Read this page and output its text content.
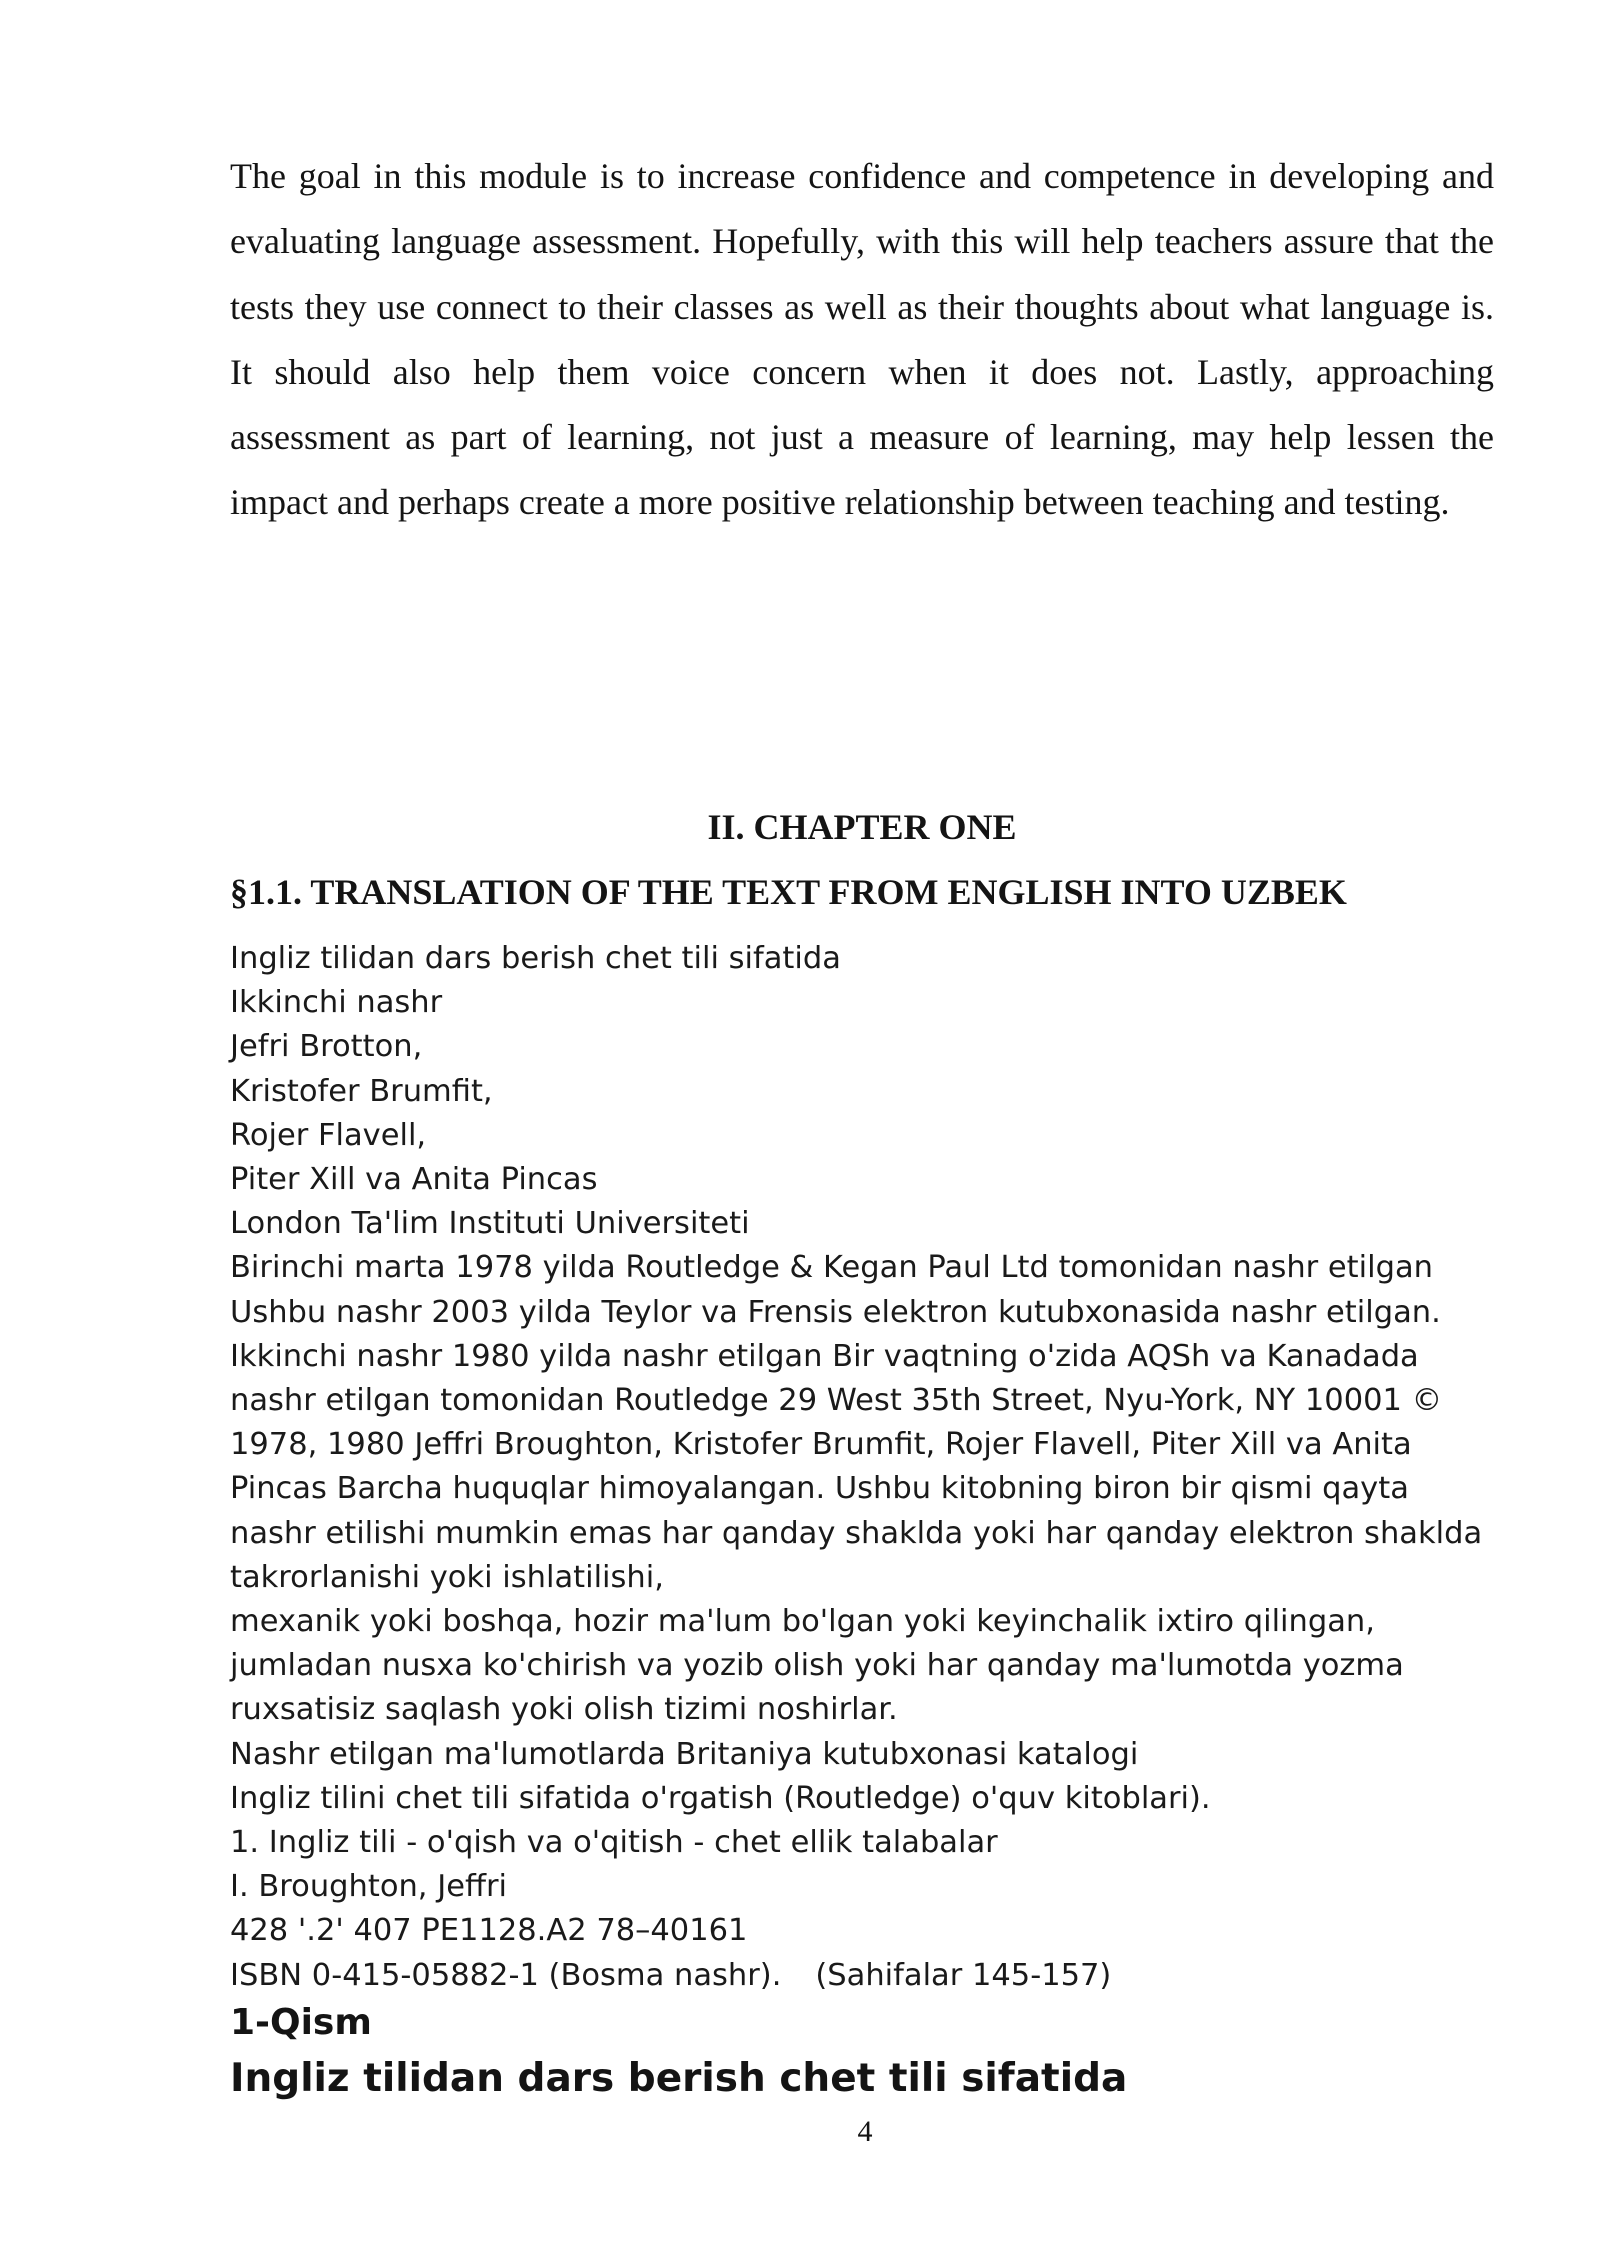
The goal in this module is to increase confidence and competence in developing and evaluating language assessment. Hopefully, with this will help teachers assure that the tests they use connect to their classes as well as their thoughts about what language is. It should also help them voice concern when it does not. Lastly, approaching assessment as part of learning, not just a measure of learning, may help lessen the impact and perhaps create a more positive relationship between teaching and testing.

II. CHAPTER ONE
§1.1. TRANSLATION OF THE TEXT FROM ENGLISH INTO UZBEK
Ingliz tilidan dars berish chet tili sifatida
Ikkinchi nashr
Jefri Brotton,
Kristofer Brumfit,
Rojer Flavell,
Piter Xill va Anita Pincas
London Ta'lim Instituti Universiteti
Birinchi marta 1978 yilda Routledge & Kegan Paul Ltd tomonidan nashr etilgan
Ushbu nashr 2003 yilda Teylor va Frensis elektron kutubxonasida nashr etilgan.
Ikkinchi nashr 1980 yilda nashr etilgan Bir vaqtning o'zida AQSh va Kanadada
nashr etilgan tomonidan Routledge 29 West 35th Street, Nyu-York, NY 10001 ©
1978, 1980 Jeffri Broughton, Kristofer Brumfit, Rojer Flavell, Piter Xill va Anita
Pincas Barcha huquqlar himoyalangan. Ushbu kitobning biron bir qismi qayta
nashr etilishi mumkin emas har qanday shaklda yoki har qanday elektron shaklda
takrorlanishi yoki ishlatilishi,
mexanik yoki boshqa, hozir ma'lum bo'lgan yoki keyinchalik ixtiro qilingan,
jumladan nusxa ko'chirish va yozib olish yoki har qanday ma'lumotda yozma
ruxsatisiz saqlash yoki olish tizimi noshirlar.
Nashr etilgan ma'lumotlarda Britaniya kutubxonasi katalogi
Ingliz tilini chet tili sifatida o'rgatish (Routledge) o'quv kitoblari).
1. Ingliz tili - o'qish va o'qitish - chet ellik talabalar
I. Broughton, Jeffri
428 '.2' 407 PE1128.A2 78–40161
ISBN 0-415-05882-1 (Bosma nashr). (Sahifalar 145-157)
1-Qism
Ingliz tilidan dars berish chet tili sifatida
4
